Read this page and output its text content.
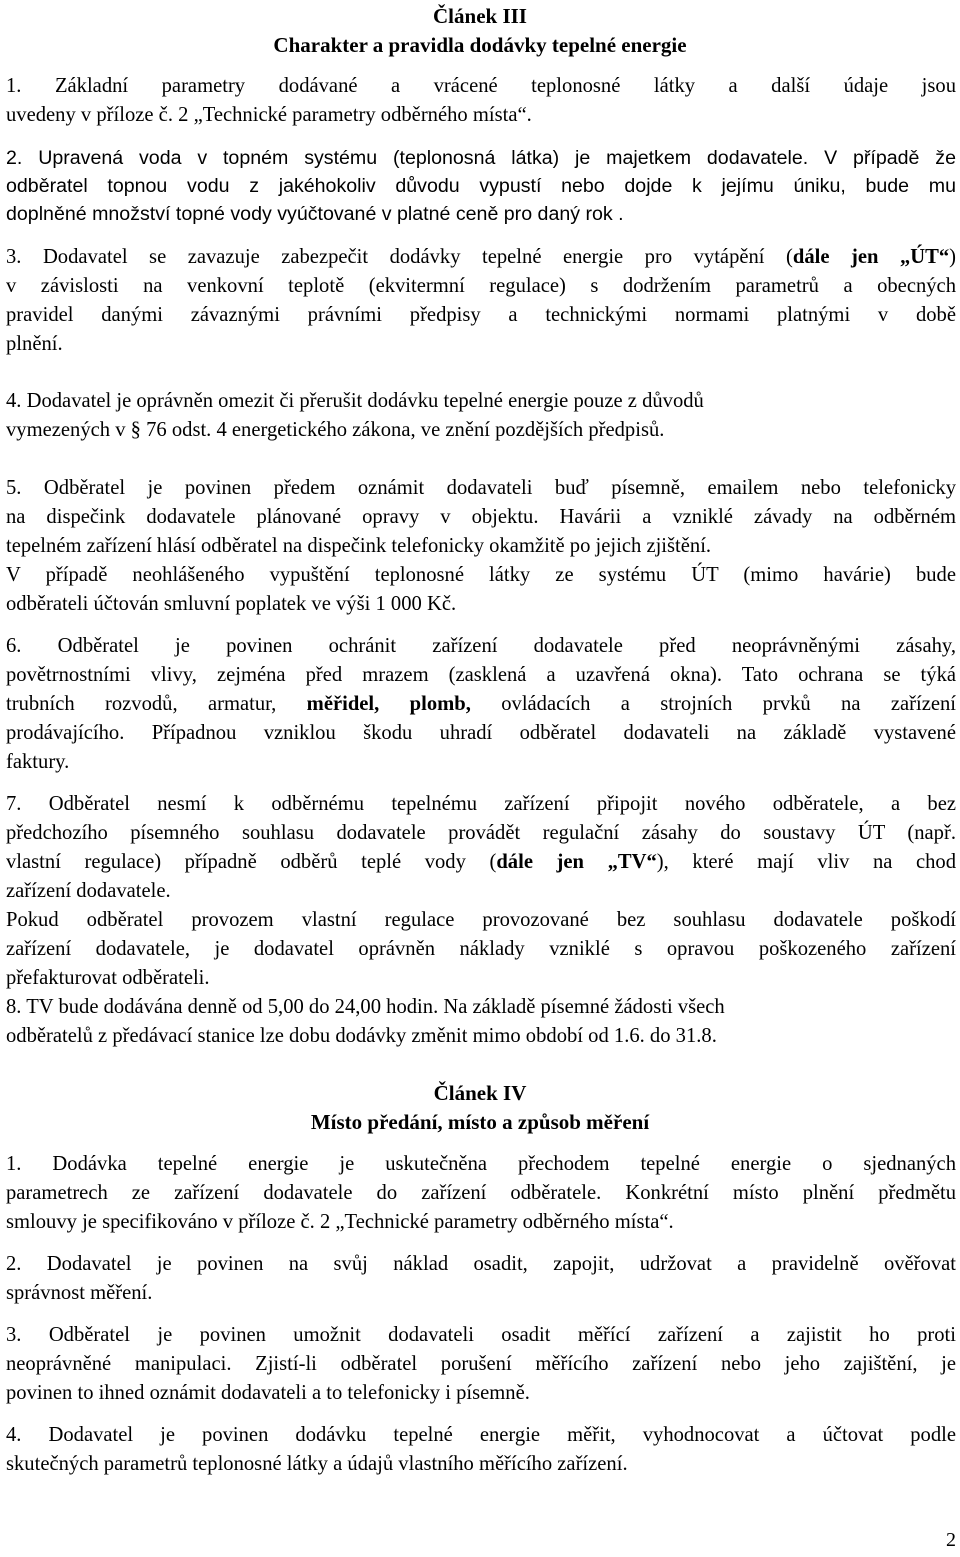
Článek III
Charakter a pravidla dodávky tepelné energie
1. Základní parametry dodávané a vrácené teplonosné látky a další údaje jsou
uvedeny v příloze č. 2 „Technické parametry odběrného místa“.
2. Upravená voda v topném systému (teplonosná látka) je majetkem dodavatele. V případě že
odběratel topnou vodu z jakéhokoliv důvodu vypustí nebo dojde k jejímu úniku, bude mu
doplněné množství topné vody vyúčtované v platné ceně pro daný rok .
3. Dodavatel se zavazuje zabezpečit dodávky tepelné energie pro vytápění (dále jen „ÚT“)
v závislosti na venkovní teplotě (ekvitermní regulace) s dodržením parametrů a obecných
pravidel danými závaznými právními předpisy a technickými normami platnými v době
plnění.
4. Dodavatel je oprávněn omezit či přerušit dodávku tepelné energie pouze z důvodů
vymezených v § 76 odst. 4 energetického zákona, ve znění pozdějších předpisů.
5. Odběratel je povinen předem oznámit dodavateli buď písemně, emailem nebo telefonicky
na dispečink dodavatele plánované opravy v objektu. Havárii a vzniklé závady na odběrném
tepelném zařízení hlásí odběratel na dispečink telefonicky okamžitě po jejich zjištění.
V případě neohlášeného vypuštění teplonosné látky ze systému ÚT (mimo havárie) bude
odběrateli účtován smluvní poplatek ve výši 1 000 Kč.
6. Odběratel je povinen ochránit zařízení dodavatele před neoprávněnými zásahy,
povětrnostními vlivy, zejména před mrazem (zasklená a uzavřená okna). Tato ochrana se týká
trubních rozvodů, armatur, měřidel, plomb, ovládacích a strojních prvků na zařízení
prodávajícího. Případnou vzniklou škodu uhradí odběratel dodavateli na základě vystavené
faktury.
7. Odběratel nesmí k odběrnému tepelnému zařízení připojit nového odběratele, a bez
předchozího písemného souhlasu dodavatele provádět regulační zásahy do soustavy ÚT (např.
vlastní regulace) případně odběrů teplé vody (dále jen „TV“), které mají vliv na chod
zařízení dodavatele.
Pokud odběratel provozem vlastní regulace provozované bez souhlasu dodavatele poškodí
zařízení dodavatele, je dodavatel oprávněn náklady vzniklé s opravou poškozeného zařízení
přefakturovat odběrateli.
8. TV bude dodávána denně od 5,00 do 24,00 hodin. Na základě písemné žádosti všech
odběratelů z předávací stanice lze dobu dodávky změnit mimo období od 1.6. do 31.8.
Článek IV
Místo předání, místo a způsob měření
1. Dodávka tepelné energie je uskutečněna přechodem tepelné energie o sjednaných
parametrech ze zařízení dodavatele do zařízení odběratele. Konkrétní místo plnění předmětu
smlouvy je specifikováno v příloze č. 2 „Technické parametry odběrného místa“.
2. Dodavatel je povinen na svůj náklad osadit, zapojit, udržovat a pravidelně ověřovat
správnost měření.
3. Odběratel je povinen umožnit dodavateli osadit měřící zařízení a zajistit ho proti
neoprávněné manipulaci. Zjistí-li odběratel porušení měřícího zařízení nebo jeho zajištění, je
povinen to ihned oznámit dodavateli a to telefonicky i písemně.
4. Dodavatel je povinen dodávku tepelné energie měřit, vyhodnocovat a účtovat podle
skutečných parametrů teplonosné látky a údajů vlastního měřícího zařízení.
2
